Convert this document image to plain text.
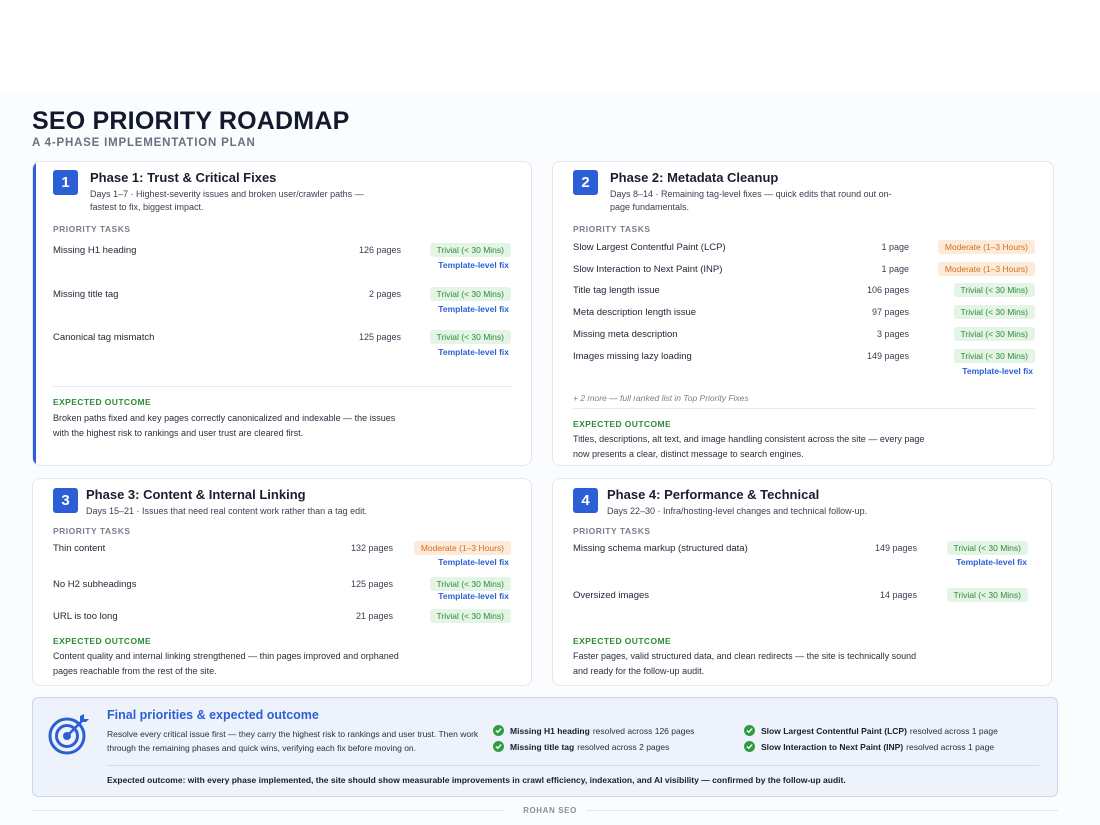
SEO PRIORITY ROADMAP
A 4-PHASE IMPLEMENTATION PLAN
1	Phase 1: Trust & Critical Fixes
Days 1–7 · Highest-severity issues and broken user/crawler paths — fastest to fix, biggest impact.
PRIORITY TASKS
Missing H1 heading	126 pages	Trivial (< 30 Mins)
Template-level fix
Missing title tag	2 pages	Trivial (< 30 Mins)
Template-level fix
Canonical tag mismatch	125 pages	Trivial (< 30 Mins)
Template-level fix
EXPECTED OUTCOME
Broken paths fixed and key pages correctly canonicalized and indexable — the issues with the highest risk to rankings and user trust are cleared first.
2	Phase 2: Metadata Cleanup
Days 8–14 · Remaining tag-level fixes — quick edits that round out on-page fundamentals.
PRIORITY TASKS
Slow Largest Contentful Paint (LCP)	1 page	Moderate (1–3 Hours)
Slow Interaction to Next Paint (INP)	1 page	Moderate (1–3 Hours)
Title tag length issue	106 pages	Trivial (< 30 Mins)
Meta description length issue	97 pages	Trivial (< 30 Mins)
Missing meta description	3 pages	Trivial (< 30 Mins)
Images missing lazy loading	149 pages	Trivial (< 30 Mins)
Template-level fix
+ 2 more — full ranked list in Top Priority Fixes
EXPECTED OUTCOME
Titles, descriptions, alt text, and image handling consistent across the site — every page now presents a clear, distinct message to search engines.
3	Phase 3: Content & Internal Linking
Days 15–21 · Issues that need real content work rather than a tag edit.
PRIORITY TASKS
Thin content	132 pages	Moderate (1–3 Hours)
Template-level fix
No H2 subheadings	125 pages	Trivial (< 30 Mins)
Template-level fix
URL is too long	21 pages	Trivial (< 30 Mins)
EXPECTED OUTCOME
Content quality and internal linking strengthened — thin pages improved and orphaned pages reachable from the rest of the site.
4	Phase 4: Performance & Technical
Days 22–30 · Infra/hosting-level changes and technical follow-up.
PRIORITY TASKS
Missing schema markup (structured data)	149 pages	Trivial (< 30 Mins)
Template-level fix
Oversized images	14 pages	Trivial (< 30 Mins)
EXPECTED OUTCOME
Faster pages, valid structured data, and clean redirects — the site is technically sound and ready for the follow-up audit.
Final priorities & expected outcome
Resolve every critical issue first — they carry the highest risk to rankings and user trust. Then work through the remaining phases and quick wins, verifying each fix before moving on.
Missing H1 heading resolved across 126 pages
Missing title tag resolved across 2 pages
Slow Largest Contentful Paint (LCP) resolved across 1 page
Slow Interaction to Next Paint (INP) resolved across 1 page
Expected outcome: with every phase implemented, the site should show measurable improvements in crawl efficiency, indexation, and AI visibility — confirmed by the follow-up audit.
ROHAN SEO
